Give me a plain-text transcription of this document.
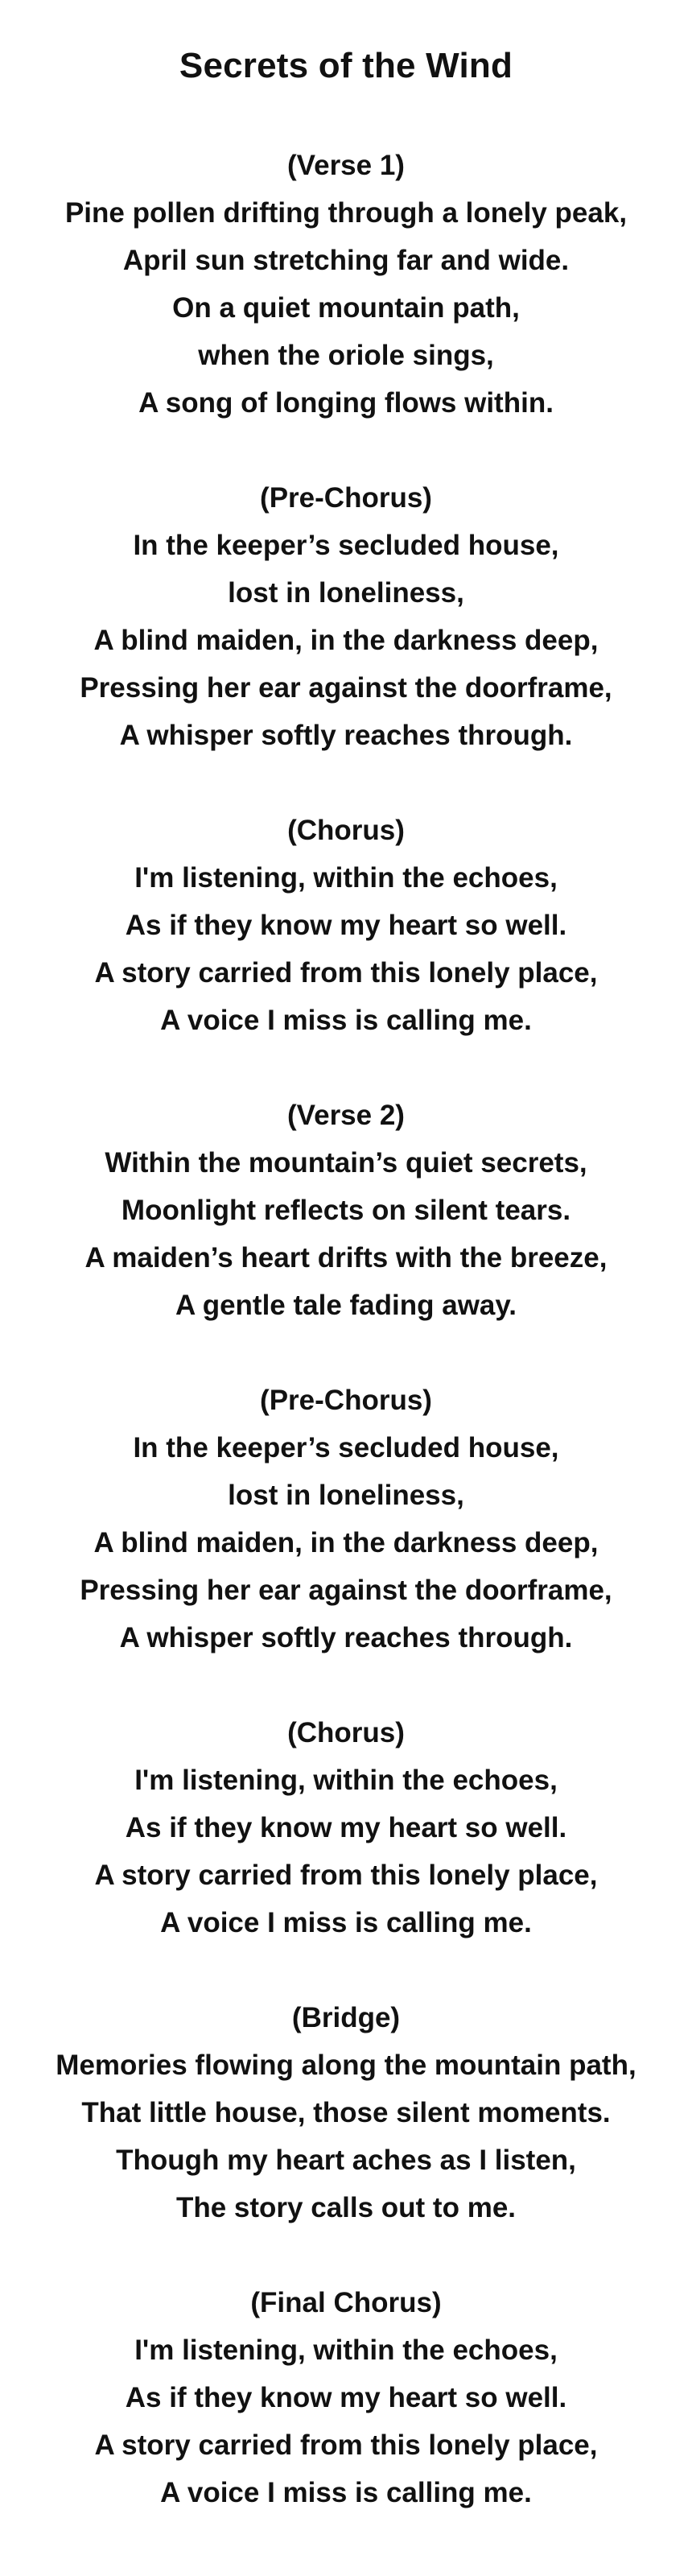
Secrets of the Wind
(Verse 1)
Pine pollen drifting through a lonely peak,
April sun stretching far and wide.
On a quiet mountain path,
when the oriole sings,
A song of longing flows within.
(Pre-Chorus)
In the keeper’s secluded house,
lost in loneliness,
A blind maiden, in the darkness deep,
Pressing her ear against the doorframe,
A whisper softly reaches through.
(Chorus)
I'm listening, within the echoes,
As if they know my heart so well.
A story carried from this lonely place,
A voice I miss is calling me.
(Verse 2)
Within the mountain’s quiet secrets,
Moonlight reflects on silent tears.
A maiden’s heart drifts with the breeze,
A gentle tale fading away.
(Pre-Chorus)
In the keeper’s secluded house,
lost in loneliness,
A blind maiden, in the darkness deep,
Pressing her ear against the doorframe,
A whisper softly reaches through.
(Chorus)
I'm listening, within the echoes,
As if they know my heart so well.
A story carried from this lonely place,
A voice I miss is calling me.
(Bridge)
Memories flowing along the mountain path,
That little house, those silent moments.
Though my heart aches as I listen,
The story calls out to me.
(Final Chorus)
I'm listening, within the echoes,
As if they know my heart so well.
A story carried from this lonely place,
A voice I miss is calling me.
